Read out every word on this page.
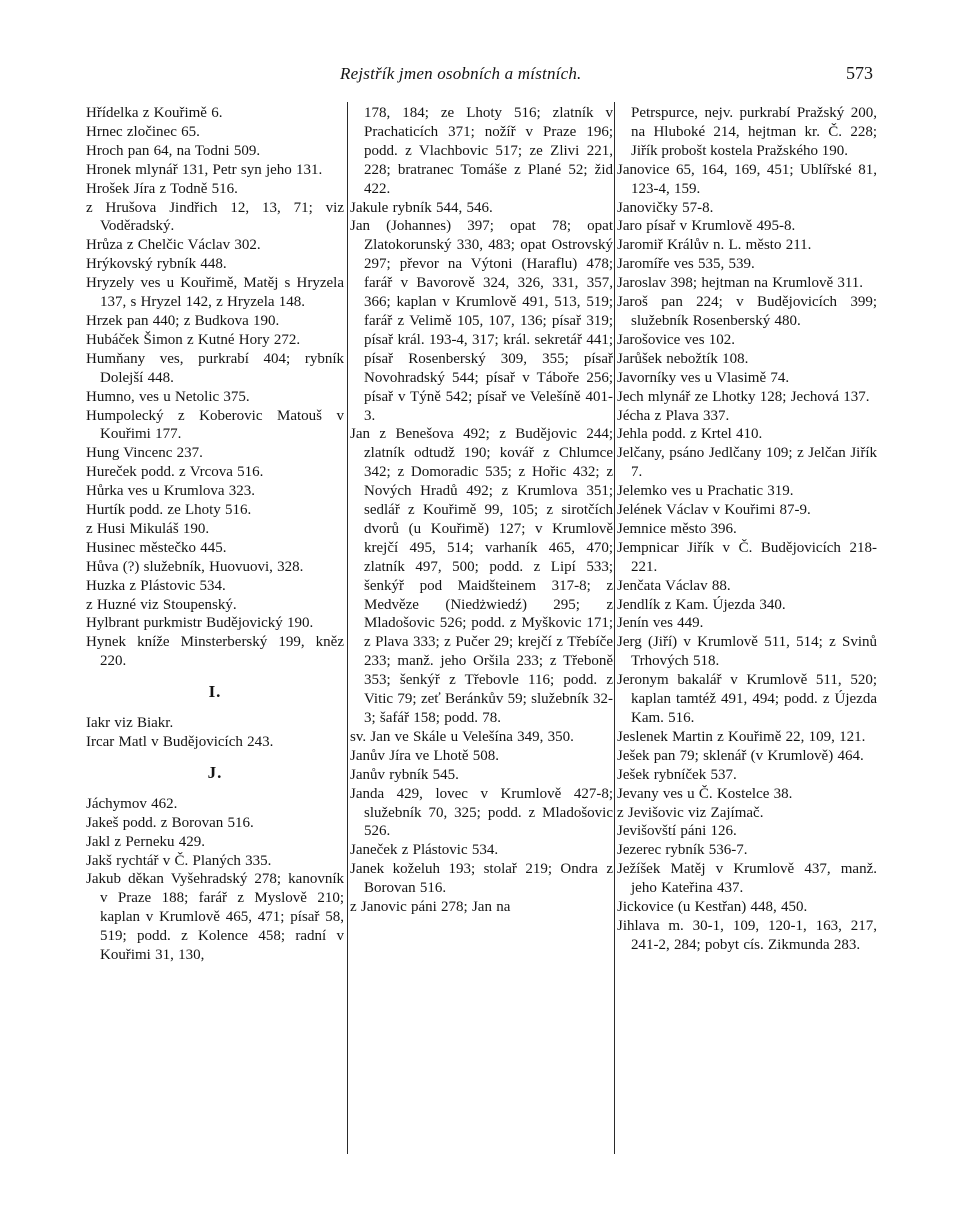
Rejstřík jmen osobních a místních.	573
Hřídelka z Kouřimě 6.
Hrnec zločinec 65.
Hroch pan 64, na Todni 509.
Hronek mlynář 131, Petr syn jeho 131.
Hrošek Jíra z Todně 516.
z Hrušova Jindřich 12, 13, 71; viz Voděradský.
Hrůza z Chelčic Václav 302.
Hrýkovský rybník 448.
Hryzely ves u Kouřimě, Matěj s Hryzela 137, s Hryzel 142, z Hryzela 148.
Hrzek pan 440; z Budkova 190.
Hubáček Šimon z Kutné Hory 272.
Humňany ves, purkrabí 404; rybník Dolejší 448.
Humno, ves u Netolic 375.
Humpolecký z Koberovic Matouš v Kouřimi 177.
Hung Vincenc 237.
Hureček podd. z Vrcova 516.
Hůrka ves u Krumlova 323.
Hurtík podd. ze Lhoty 516.
z Husi Mikuláš 190.
Husinec městečko 445.
Hůva (?) služebník, Huovuovi, 328.
Huzka z Plástovic 534.
z Huzné viz Stoupenský.
Hylbrant purkmistr Budějovický 190.
Hynek kníže Minsterberský 199, kněz 220.
I.
Iakr viz Biakr.
Ircar Matl v Budějovicích 243.
J.
Jáchymov 462.
Jakeš podd. z Borovan 516.
Jakl z Perneku 429.
Jakš rychtář v Č. Planých 335.
Jakub děkan Vyšehradský 278; kanovník v Praze 188; farář z Myslově 210; kaplan v Krumlově 465, 471; písař 58, 519; podd. z Kolence 458; radní v Kouřimi 31, 130,
178, 184; ze Lhoty 516; zlatník v Prachaticích 371; nožíř v Praze 196; podd. z Vlachbovic 517; ze Zlivi 221, 228; bratranec Tomáše z Plané 52; žid 422.
Jakule rybník 544, 546.
Jan (Johannes) 397; opat 78; opat Zlatokorunský 330, 483; opat Ostrovský 297; převor na Výtoni (Haraflu) 478; farář v Bavorově 324, 326, 331, 357, 366; kaplan v Krumlově 491, 513, 519; farář z Velimě 105, 107, 136; písař 319; písař král. 193-4, 317; král. sekretář 441; písař Rosenberský 309, 355; písař Novohradský 544; písař v Táboře 256; písař v Týně 542; písař ve Velešíně 401-3.
Jan z Benešova 492; z Budějovic 244; zlatník odtudž 190; kovář z Chlumce 342; z Domoradic 535; z Hořic 432; z Nových Hradů 492; z Krumlova 351; sedlář z Kouřimě 99, 105; z sirotčích dvorů (u Kouřimě) 127; v Krumlově krejčí 495, 514; varhaník 465, 470; zlatník 497, 500; podd. z Lipí 533; šenkýř pod Maidšteinem 317-8; z Medvěze (Niedżwiedź) 295; z Mladošovic 526; podd. z Myškovic 171; z Plava 333; z Pučer 29; krejčí z Třebíče 233; manž. jeho Oršila 233; z Třeboně 353; šenkýř z Třebovle 116; podd. z Vitic 79; zeť Beránkův 59; služebník 32-3; šafář 158; podd. 78.
sv. Jan ve Skále u Velešína 349, 350.
Janův Jíra ve Lhotě 508.
Janův rybník 545.
Janda 429, lovec v Krumlově 427-8; služebník 70, 325; podd. z Mladošovic 526.
Janeček z Plástovic 534.
Janek koželuh 193; stolař 219; Ondra z Borovan 516.
z Janovic páni 278; Jan na
Petrspurce, nejv. purkrabí Pražský 200, na Hluboké 214, hejtman kr. Č. 228; Jiřík probošt kostela Pražského 190.
Janovice 65, 164, 169, 451; Ublířské 81, 123-4, 159.
Janovičky 57-8.
Jaro písař v Krumlově 495-8.
Jaromiř Králův n. L. město 211.
Jaromíře ves 535, 539.
Jaroslav 398; hejtman na Krumlově 311.
Jaroš pan 224; v Budějovicích 399; služebník Rosenberský 480.
Jarošovice ves 102.
Jarůšek nebožtík 108.
Javorníky ves u Vlasimě 74.
Jech mlynář ze Lhotky 128; Jechová 137.
Jécha z Plava 337.
Jehla podd. z Krtel 410.
Jelčany, psáno Jedlčany 109; z Jelčan Jiřík 7.
Jelemko ves u Prachatic 319.
Jelének Václav v Kouřimi 87-9.
Jemnice město 396.
Jempnicar Jiřík v Č. Budějovicích 218-221.
Jenčata Václav 88.
Jendlík z Kam. Újezda 340.
Jenín ves 449.
Jerg (Jiří) v Krumlově 511, 514; z Svinů Trhových 518.
Jeronym bakalář v Krumlově 511, 520; kaplan tamtéž 491, 494; podd. z Újezda Kam. 516.
Jeslenek Martin z Kouřimě 22, 109, 121.
Ješek pan 79; sklenář (v Krumlově) 464.
Ješek rybníček 537.
Jevany ves u Č. Kostelce 38.
z Jevišovic viz Zajímač.
Jevišovští páni 126.
Jezerec rybník 536-7.
Ježíšek Matěj v Krumlově 437, manž. jeho Kateřina 437.
Jickovice (u Kestřan) 448, 450.
Jihlava m. 30-1, 109, 120-1, 163, 217, 241-2, 284; pobyt cís. Zikmunda 283.
